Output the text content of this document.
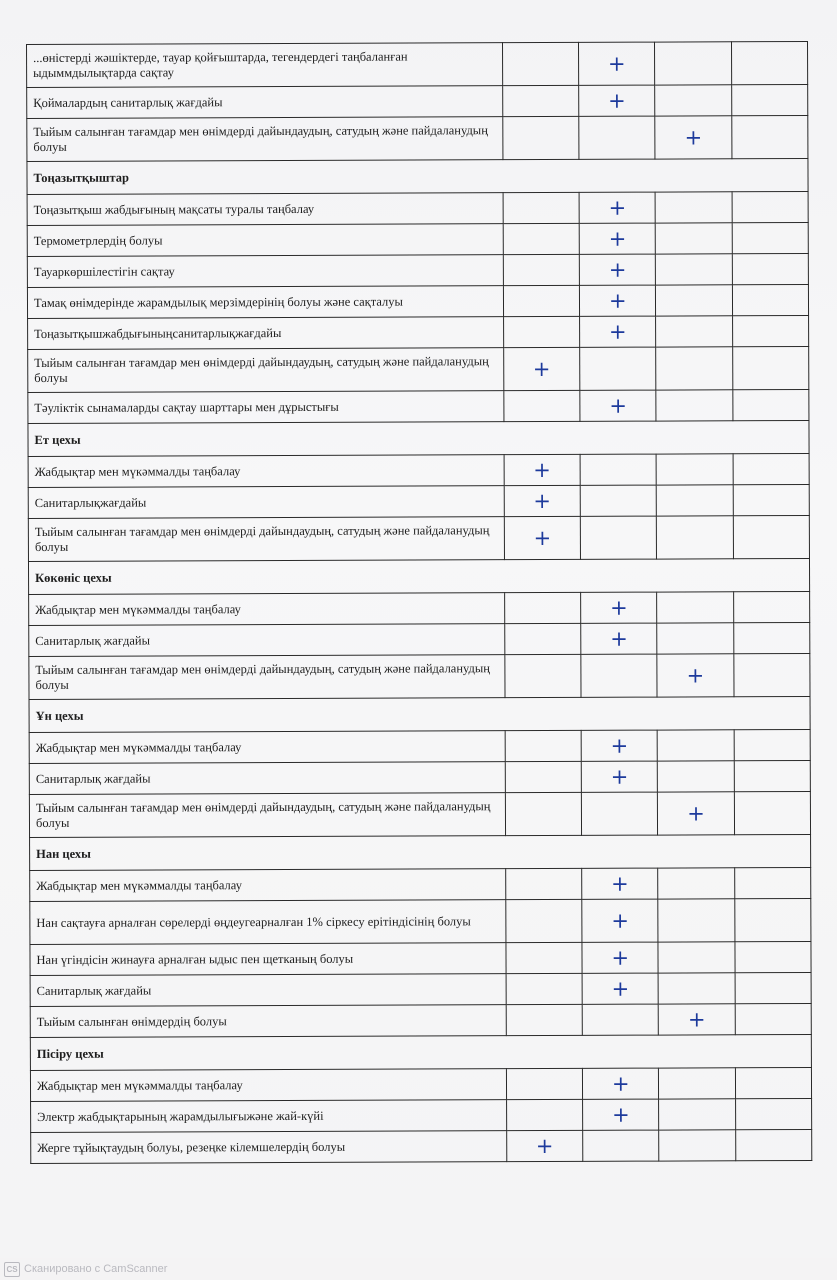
...өністерді жәшіктерде, тауар қойғыштарда, тегендердегі таңбаланған ыдыммдылықтарда сақтау		+		
Қоймалардың санитарлық жағдайы		+		
Тыйым салынған тағамдар мен өнімдерді дайындаудың, сатудың және пайдаланудың болуы			+	
Тоңазытқыштар				
Тоңазытқыш жабдығының мақсаты туралы таңбалау		+		
Термометрлердің болуы		+		
Тауаркөршілестігін сақтау		+		
Тамақ өнімдерінде жарамдылық мерзімдерінің болуы және сақталуы		+		
Тоңазытқышжабдығыныңсанитарлықжағдайы		+		
Тыйым салынған тағамдар мен өнімдерді дайындаудың, сатудың және пайдаланудың болуы	+			
Тәуліктік сынамаларды сақтау шарттары мен дұрыстығы		+		
Ет цехы				
Жабдықтар мен мүкәммалды таңбалау	+			
Санитарлықжағдайы	+			
Тыйым салынған тағамдар мен өнімдерді дайындаудың, сатудың және пайдаланудың болуы	+			
Көкөніс цехы				
Жабдықтар мен мүкәммалды таңбалау		+		
Санитарлық жағдайы		+		
Тыйым салынған тағамдар мен өнімдерді дайындаудың, сатудың және пайдаланудың болуы			+	
Ұн цехы				
Жабдықтар мен мүкәммалды таңбалау		+		
Санитарлық жағдайы		+		
Тыйым салынған тағамдар мен өнімдерді дайындаудың, сатудың және пайдаланудың болуы			+	
Нан цехы				
Жабдықтар мен мүкәммалды таңбалау		+		
Нан сақтауға арналған сөрелерді өңдеугеарналған 1% сіркесу ерітіндісінің болуы		+		
Нан үгіндісін жинауға арналған ыдыс пен щетканың болуы		+		
Санитарлық жағдайы		+		
Тыйым салынған өнімдердің болуы			+	
Пісіру цехы				
Жабдықтар мен мүкәммалды таңбалау		+		
Электр жабдықтарының жарамдылығыжәне жай-күйі		+		
Жерге тұйықтаудың болуы, резеңке кілемшелердің болуы	+			
CS Сканировано с CamScanner
